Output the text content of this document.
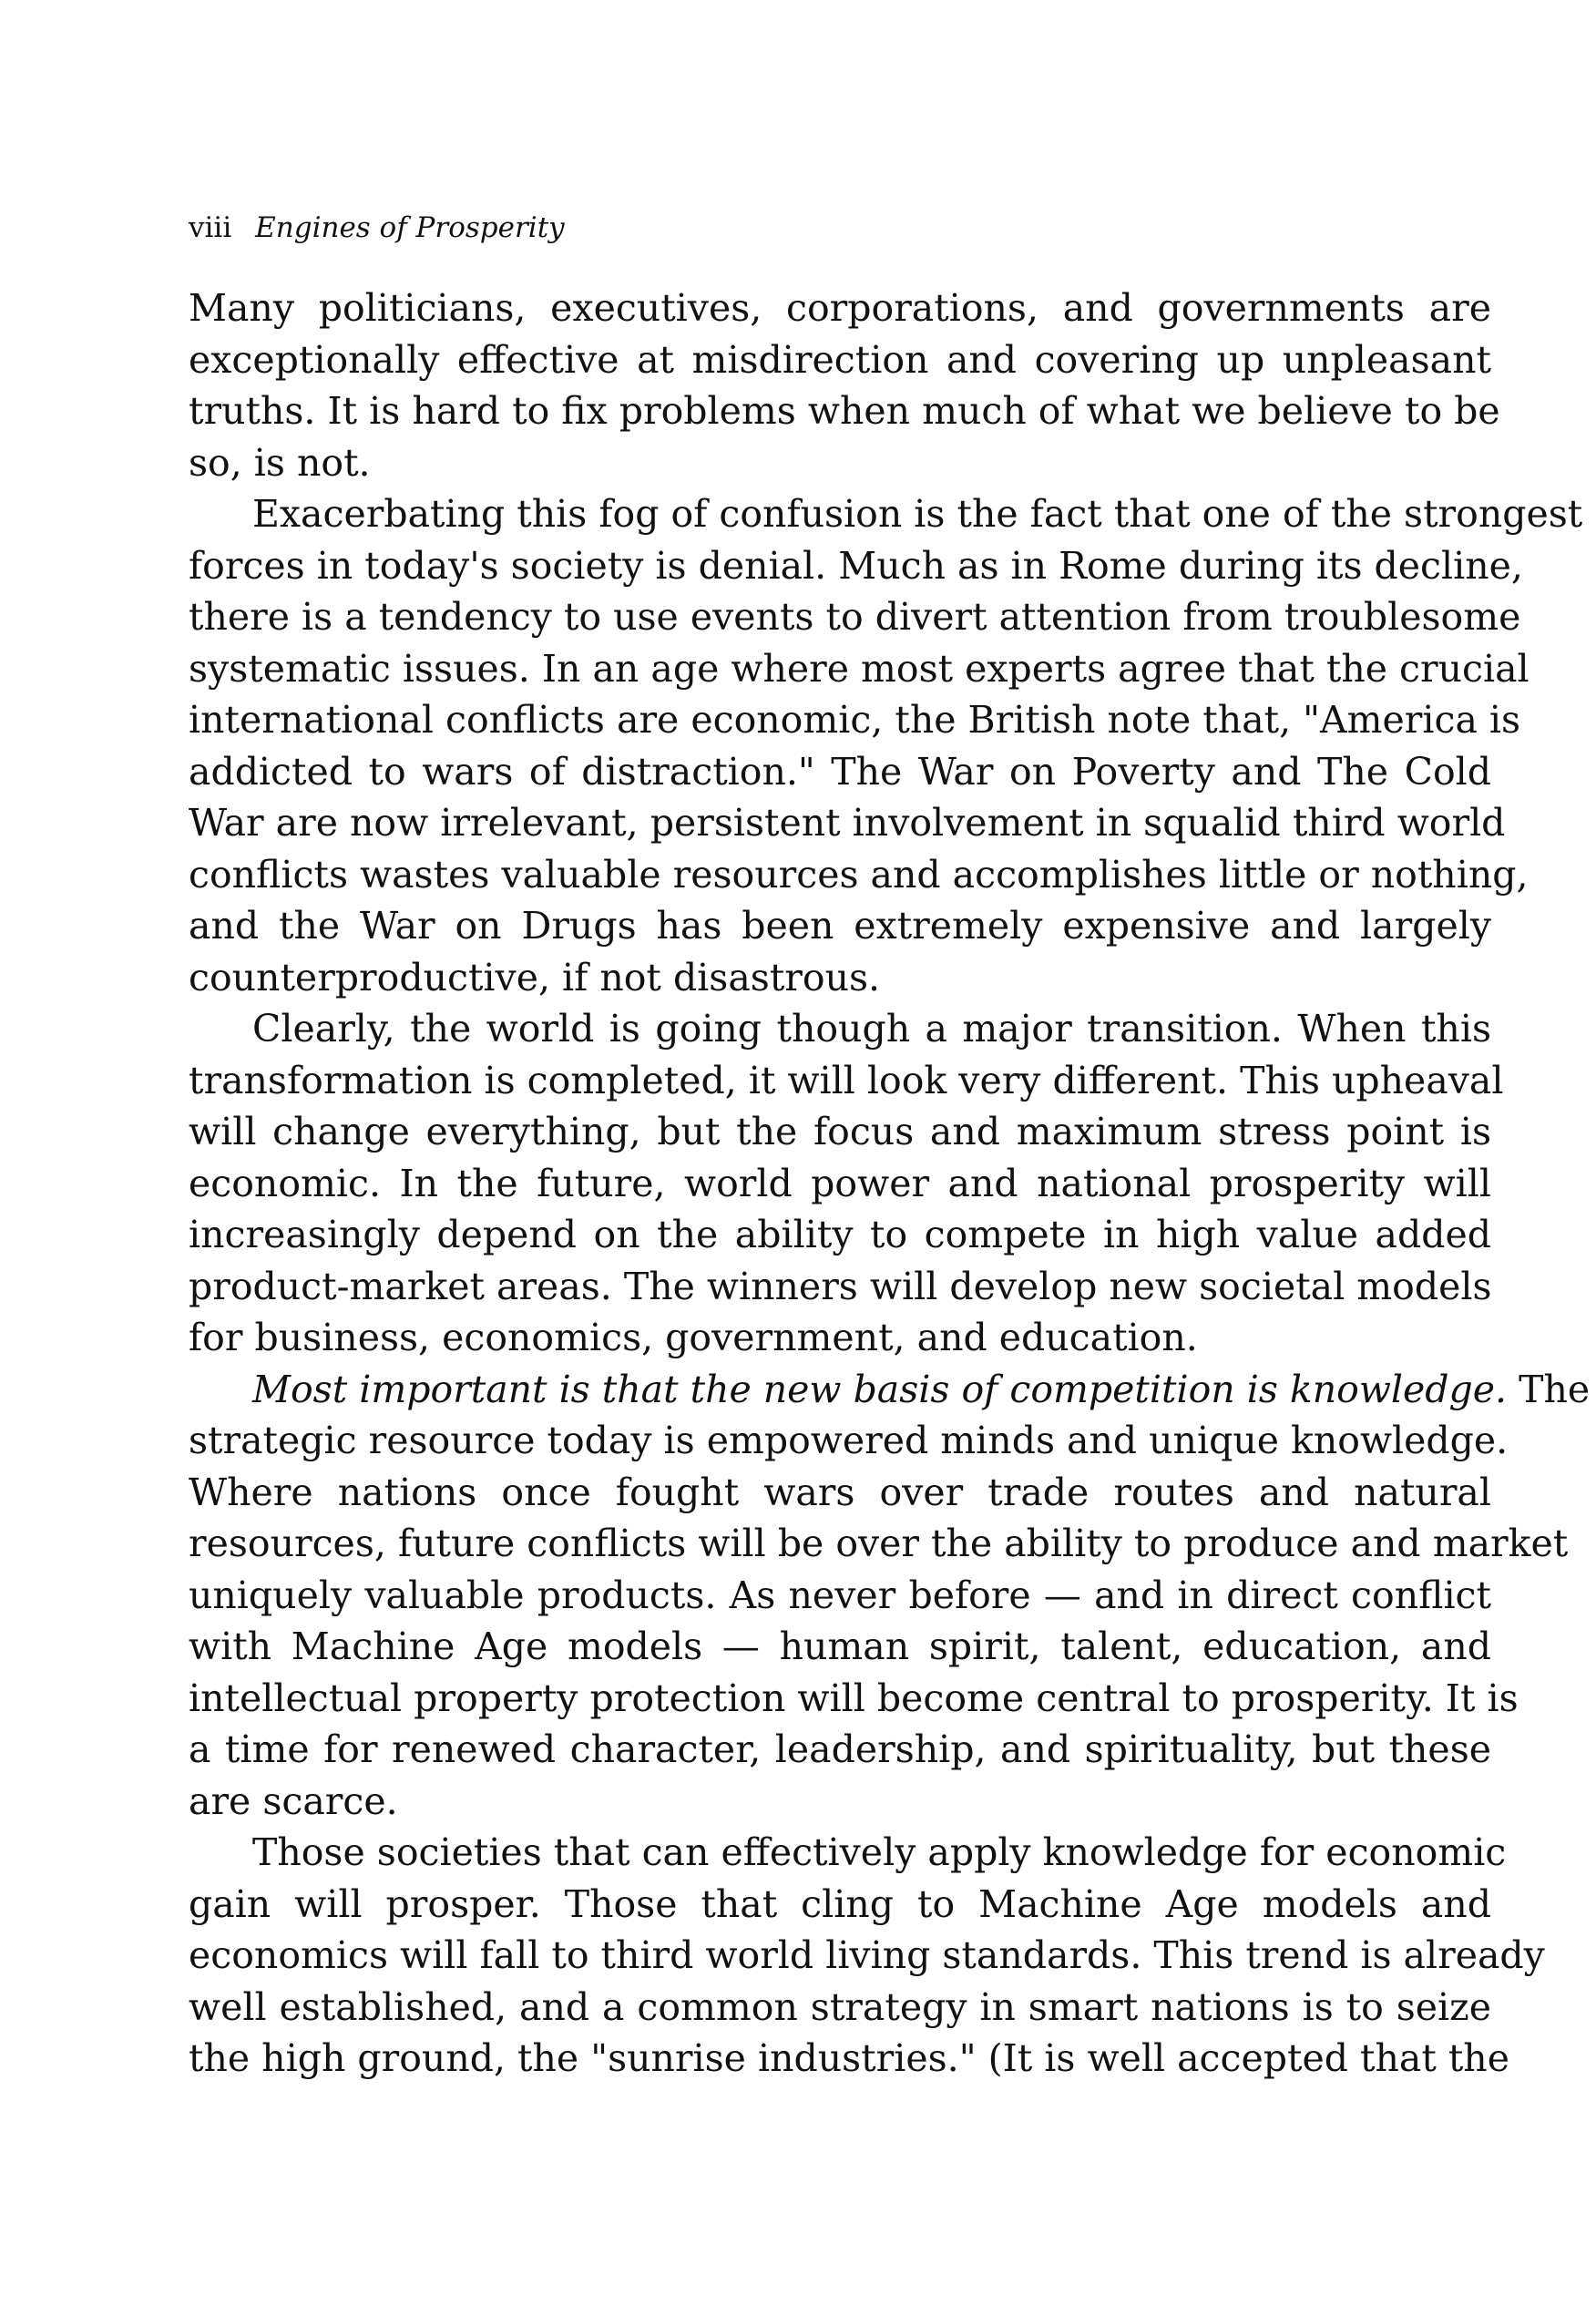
viii Engines of Prosperity

Many politicians, executives, corporations, and governments are
exceptionally effective at misdirection and covering up unpleasant
truths. It is hard to fix problems when much of what we believe to be
so, is not.

Exacerbating this fog of confusion is the fact that one of the strongest
forces in today's society is denial. Much as in Rome during its decline,
there is a tendency to use events to divert attention from troublesome
systematic issues. In an age where most experts agree that the crucial
international conflicts are economic, the British note that, "America is
addicted to wars of distraction." The War on Poverty and The Cold
War are now irrelevant, persistent involvement in squalid third world
conflicts wastes valuable resources and accomplishes little or nothing,
and the War on Drugs has been extremely expensive and largely
counterproductive, if not disastrous.

Clearly, the world is going though a major transition. When this
transformation is completed, it will look very different. This upheaval
will change everything, but the focus and maximum stress point is
economic. In the future, world power and national prosperity will
increasingly depend on the ability to compete in high value added
product-market areas. The winners will develop new societal models
for business, economics, government, and education.

Most important is that the new basis of competition is knowledge. The
strategic resource today is empowered minds and unique knowledge.
Where nations once fought wars over trade routes and natural
resources, future conflicts will be over the ability to produce and market
uniquely valuable products. As never before — and in direct conflict
with Machine Age models — human spirit, talent, education, and
intellectual property protection will become central to prosperity. It is
a time for renewed character, leadership, and spirituality, but these
are scarce.

Those societies that can effectively apply knowledge for economic
gain will prosper. Those that cling to Machine Age models and
economics will fall to third world living standards. This trend is already
well established, and a common strategy in smart nations is to seize
the high ground, the "sunrise industries." (It is well accepted that the
